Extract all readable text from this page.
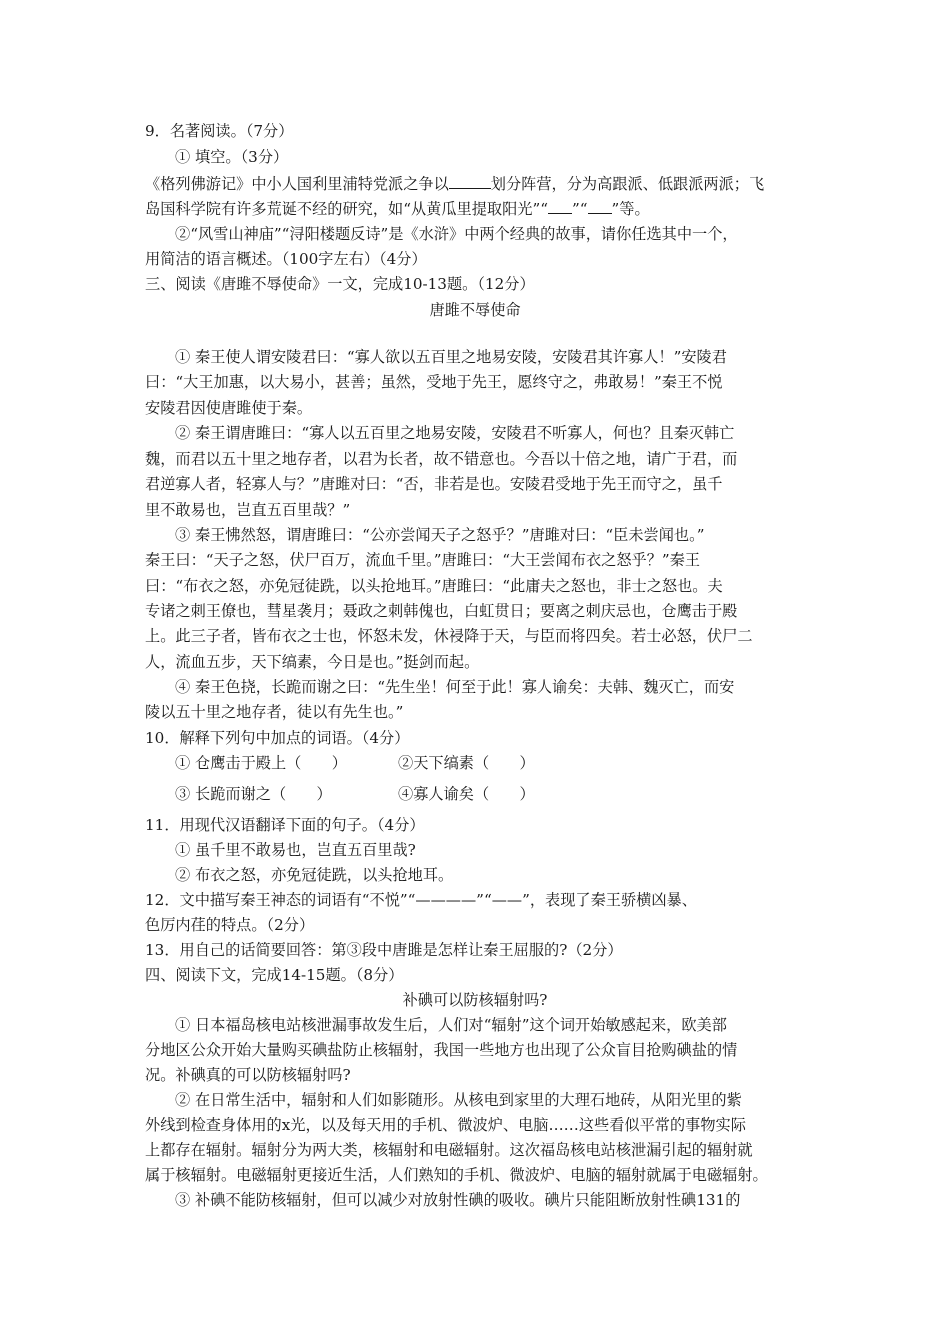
9．名著阅读。（7分）
① 填空。（3分）
《格列佛游记》中小人国利里浦特党派之争以	划分阵营，分为高跟派、低跟派两派；飞
岛国科学院有许多荒诞不经的研究，如“从黄瓜里提取阳光”“ ”“ ”等。
②“风雪山神庙”“浔阳楼题反诗”是《水浒》中两个经典的故事，请你任选其中一个，
用简洁的语言概述。（100字左右）（4分）
三、阅读《唐雎不辱使命》一文，完成10-13题。（12分）
唐雎不辱使命
① 秦王使人谓安陵君曰：“寡人欲以五百里之地易安陵，安陵君其许寡人！”安陵君
曰：“大王加惠，以大易小，甚善；虽然，受地于先王，愿终守之，弗敢易！”秦王不悦
安陵君因使唐雎使于秦。
② 秦王谓唐雎曰：“寡人以五百里之地易安陵，安陵君不听寡人，何也？且秦灭韩亡
魏，而君以五十里之地存者，以君为长者，故不错意也。今吾以十倍之地，请广于君，而
君逆寡人者，轻寡人与？”唐雎对曰：“否，非若是也。安陵君受地于先王而守之，虽千
里不敢易也，岂直五百里哉？”
③ 秦王怫然怒，谓唐雎曰：“公亦尝闻天子之怒乎？”唐雎对曰：“臣未尝闻也。”
秦王曰：“天子之怒，伏尸百万，流血千里。”唐雎曰：“大王尝闻布衣之怒乎？”秦王
曰：“布衣之怒，亦免冠徒跣，以头抢地耳。”唐雎曰：“此庸夫之怒也，非士之怒也。夫
专诸之刺王僚也，彗星袭月；聂政之刺韩傀也，白虹贯日；要离之刺庆忌也，仓鹰击于殿
上。此三子者，皆布衣之士也，怀怒未发，休祲降于天，与臣而将四矣。若士必怒，伏尸二
人，流血五步，天下缟素，今日是也。”挺剑而起。
④ 秦王色挠，长跪而谢之曰：“先生坐！何至于此！寡人谕矣：夫韩、魏灭亡，而安
陵以五十里之地存者，徒以有先生也。”
10．解释下列句中加点的词语。（4分）
① 仓鹰击于殿上（　　）	②天下缟素（　　）
③ 长跪而谢之（　　）	④寡人谕矣（　　）
11．用现代汉语翻译下面的句子。（4分）
① 虽千里不敢易也，岂直五百里哉?
② 布衣之怒，亦免冠徒跣，以头抢地耳。
12．文中描写秦王神态的词语有“不悦”“————”“——”，表现了秦王骄横凶暴、
色厉内荏的特点。（2分）
13．用自己的话简要回答：第③段中唐雎是怎样让秦王屈服的?（2分）
四、阅读下文，完成14-15题。（8分）
补碘可以防核辐射吗?
① 日本福岛核电站核泄漏事故发生后，人们对“辐射”这个词开始敏感起来，欧美部
分地区公众开始大量购买碘盐防止核辐射，我国一些地方也出现了公众盲目抢购碘盐的情
况。补碘真的可以防核辐射吗?
② 在日常生活中，辐射和人们如影随形。从核电到家里的大理石地砖，从阳光里的紫
外线到检查身体用的x光，以及每天用的手机、微波炉、电脑……这些看似平常的事物实际
上都存在辐射。辐射分为两大类，核辐射和电磁辐射。这次福岛核电站核泄漏引起的辐射就
属于核辐射。电磁辐射更接近生活，人们熟知的手机、微波炉、电脑的辐射就属于电磁辐射。
③ 补碘不能防核辐射，但可以减少对放射性碘的吸收。碘片只能阻断放射性碘131的
